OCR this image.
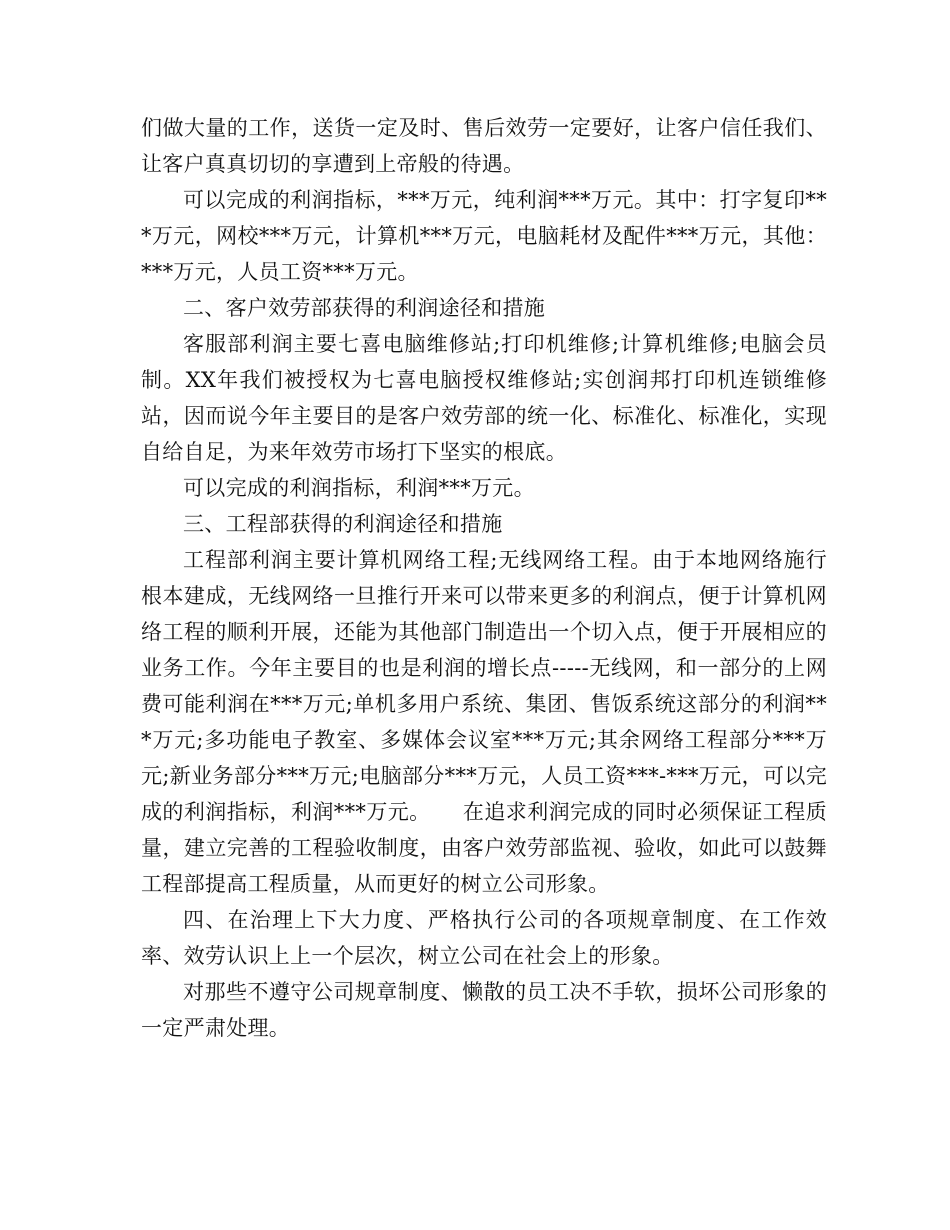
们做大量的工作，送货一定及时、售后效劳一定要好，让客户信任我们、让客户真真切切的享遭到上帝般的待遇。

可以完成的利润指标，***万元，纯利润***万元。其中：打字复印***万元，网校***万元，计算机***万元，电脑耗材及配件***万元，其他：***万元，人员工资***万元。

二、客户效劳部获得的利润途径和措施

客服部利润主要七喜电脑维修站;打印机维修;计算机维修;电脑会员制。XX年我们被授权为七喜电脑授权维修站;实创润邦打印机连锁维修站，因而说今年主要目的是客户效劳部的统一化、标准化、标准化，实现自给自足，为来年效劳市场打下坚实的根底。

可以完成的利润指标，利润***万元。

三、工程部获得的利润途径和措施

工程部利润主要计算机网络工程;无线网络工程。由于本地网络施行根本建成，无线网络一旦推行开来可以带来更多的利润点，便于计算机网络工程的顺利开展，还能为其他部门制造出一个切入点，便于开展相应的业务工作。今年主要目的也是利润的增长点-----无线网，和一部分的上网费可能利润在***万元;单机多用户系统、集团、售饭系统这部分的利润***万元;多功能电子教室、多媒体会议室***万元;其余网络工程部分***万元;新业务部分***万元;电脑部分***万元，人员工资***-***万元，可以完成的利润指标，利润***万元。　　在追求利润完成的同时必须保证工程质量，建立完善的工程验收制度，由客户效劳部监视、验收，如此可以鼓舞工程部提高工程质量，从而更好的树立公司形象。

四、在治理上下大力度、严格执行公司的各项规章制度、在工作效率、效劳认识上上一个层次，树立公司在社会上的形象。

对那些不遵守公司规章制度、懒散的员工决不手软，损坏公司形象的一定严肃处理。
